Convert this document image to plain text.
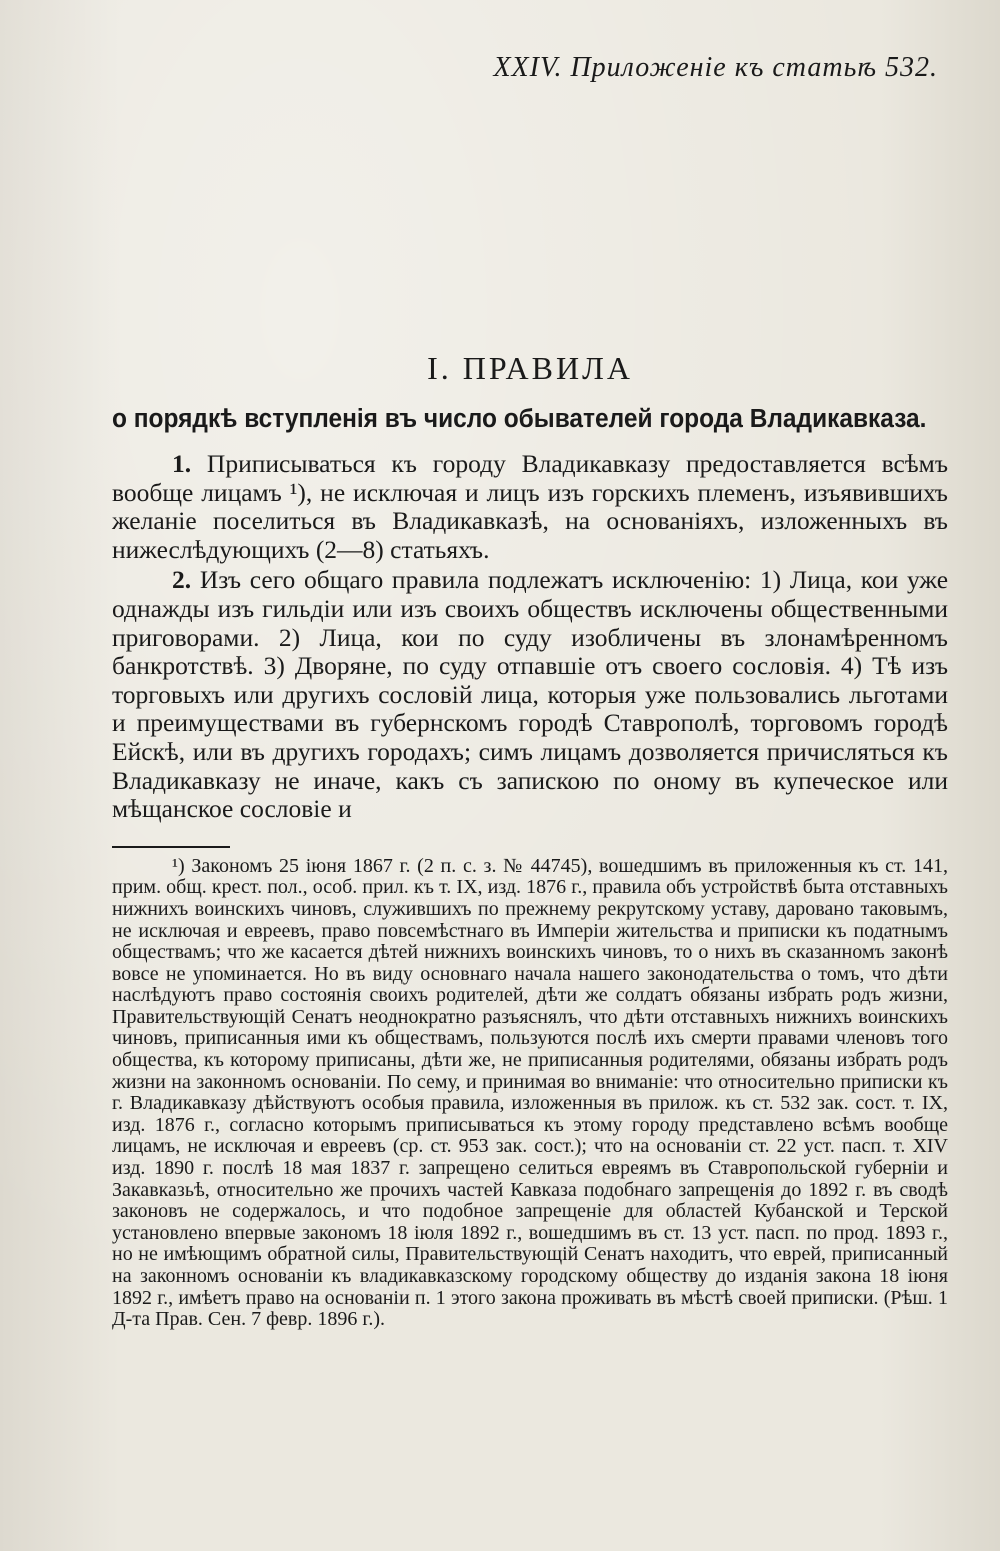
XXIV. Приложеніе къ статьѣ 532.
I. ПРАВИЛА
о порядкѣ вступленія въ число обывателей города Владикавказа.

1. Приписываться къ городу Владикавказу предоставляется всѣмъ вообще лицамъ ¹), не исключая и лицъ изъ горскихъ племенъ, изъявившихъ желаніе поселиться въ Владикавказѣ, на основаніяхъ, изложенныхъ въ нижеслѣдующихъ (2—8) статьяхъ.

2. Изъ сего общаго правила подлежатъ исключенію: 1) Лица, кои уже однажды изъ гильдіи или изъ своихъ обществъ исключены общественными приговорами. 2) Лица, кои по суду изобличены въ злонамѣренномъ банкротствѣ. 3) Дворяне, по суду отпавшіе отъ своего сословія. 4) Тѣ изъ торговыхъ или другихъ сословій лица, которыя уже пользовались льготами и преимуществами въ губернскомъ городѣ Ставрополѣ, торговомъ городѣ Ейскѣ, или въ другихъ городахъ; симъ лицамъ дозволяется причисляться къ Владикавказу не иначе, какъ съ запискою по оному въ купеческое или мѣщанское сословіе и

¹) Закономъ 25 іюня 1867 г. (2 п. с. з. № 44745), вошедшимъ въ приложенныя къ ст. 141, прим. общ. крест. пол., особ. прил. къ т. IX, изд. 1876 г., правила объ устройствѣ быта отставныхъ нижнихъ воинскихъ чиновъ, служившихъ по прежнему рекрутскому уставу, даровано таковымъ, не исключая и евреевъ, право повсемѣстнаго въ Имперіи жительства и приписки къ податнымъ обществамъ; что же касается дѣтей нижнихъ воинскихъ чиновъ, то о нихъ въ сказанномъ законѣ вовсе не упоминается. Но въ виду основнаго начала нашего законодательства о томъ, что дѣти наслѣдуютъ право состоянія своихъ родителей, дѣти же солдатъ обязаны избрать родъ жизни, Правительствующій Сенатъ неоднократно разъяснялъ, что дѣти отставныхъ нижнихъ воинскихъ чиновъ, приписанныя ими къ обществамъ, пользуются послѣ ихъ смерти правами членовъ того общества, къ которому приписаны, дѣти же, не приписанныя родителями, обязаны избрать родъ жизни на законномъ основаніи. По сему, и принимая во вниманіе: что относительно приписки къ г. Владикавказу дѣйствуютъ особыя правила, изложенныя въ прилож. къ ст. 532 зак. сост. т. IX, изд. 1876 г., согласно которымъ приписываться къ этому городу представлено всѣмъ вообще лицамъ, не исключая и евреевъ (ср. ст. 953 зак. сост.); что на основаніи ст. 22 уст. пасп. т. XIV изд. 1890 г. послѣ 18 мая 1837 г. запрещено селиться евреямъ въ Ставропольской губерніи и Закавказьѣ, относительно же прочихъ частей Кавказа подобнаго запрещенія до 1892 г. въ сводѣ законовъ не содержалось, и что подобное запрещеніе для областей Кубанской и Терской установлено впервые закономъ 18 іюля 1892 г., вошедшимъ въ ст. 13 уст. пасп. по прод. 1893 г., но не имѣющимъ обратной силы, Правительствующій Сенатъ находитъ, что еврей, приписанный на законномъ основаніи къ владикавказскому городскому обществу до изданія закона 18 іюня 1892 г., имѣетъ право на основаніи п. 1 этого закона проживать въ мѣстѣ своей приписки. (Рѣш. 1 Д-та Прав. Сен. 7 февр. 1896 г.).
